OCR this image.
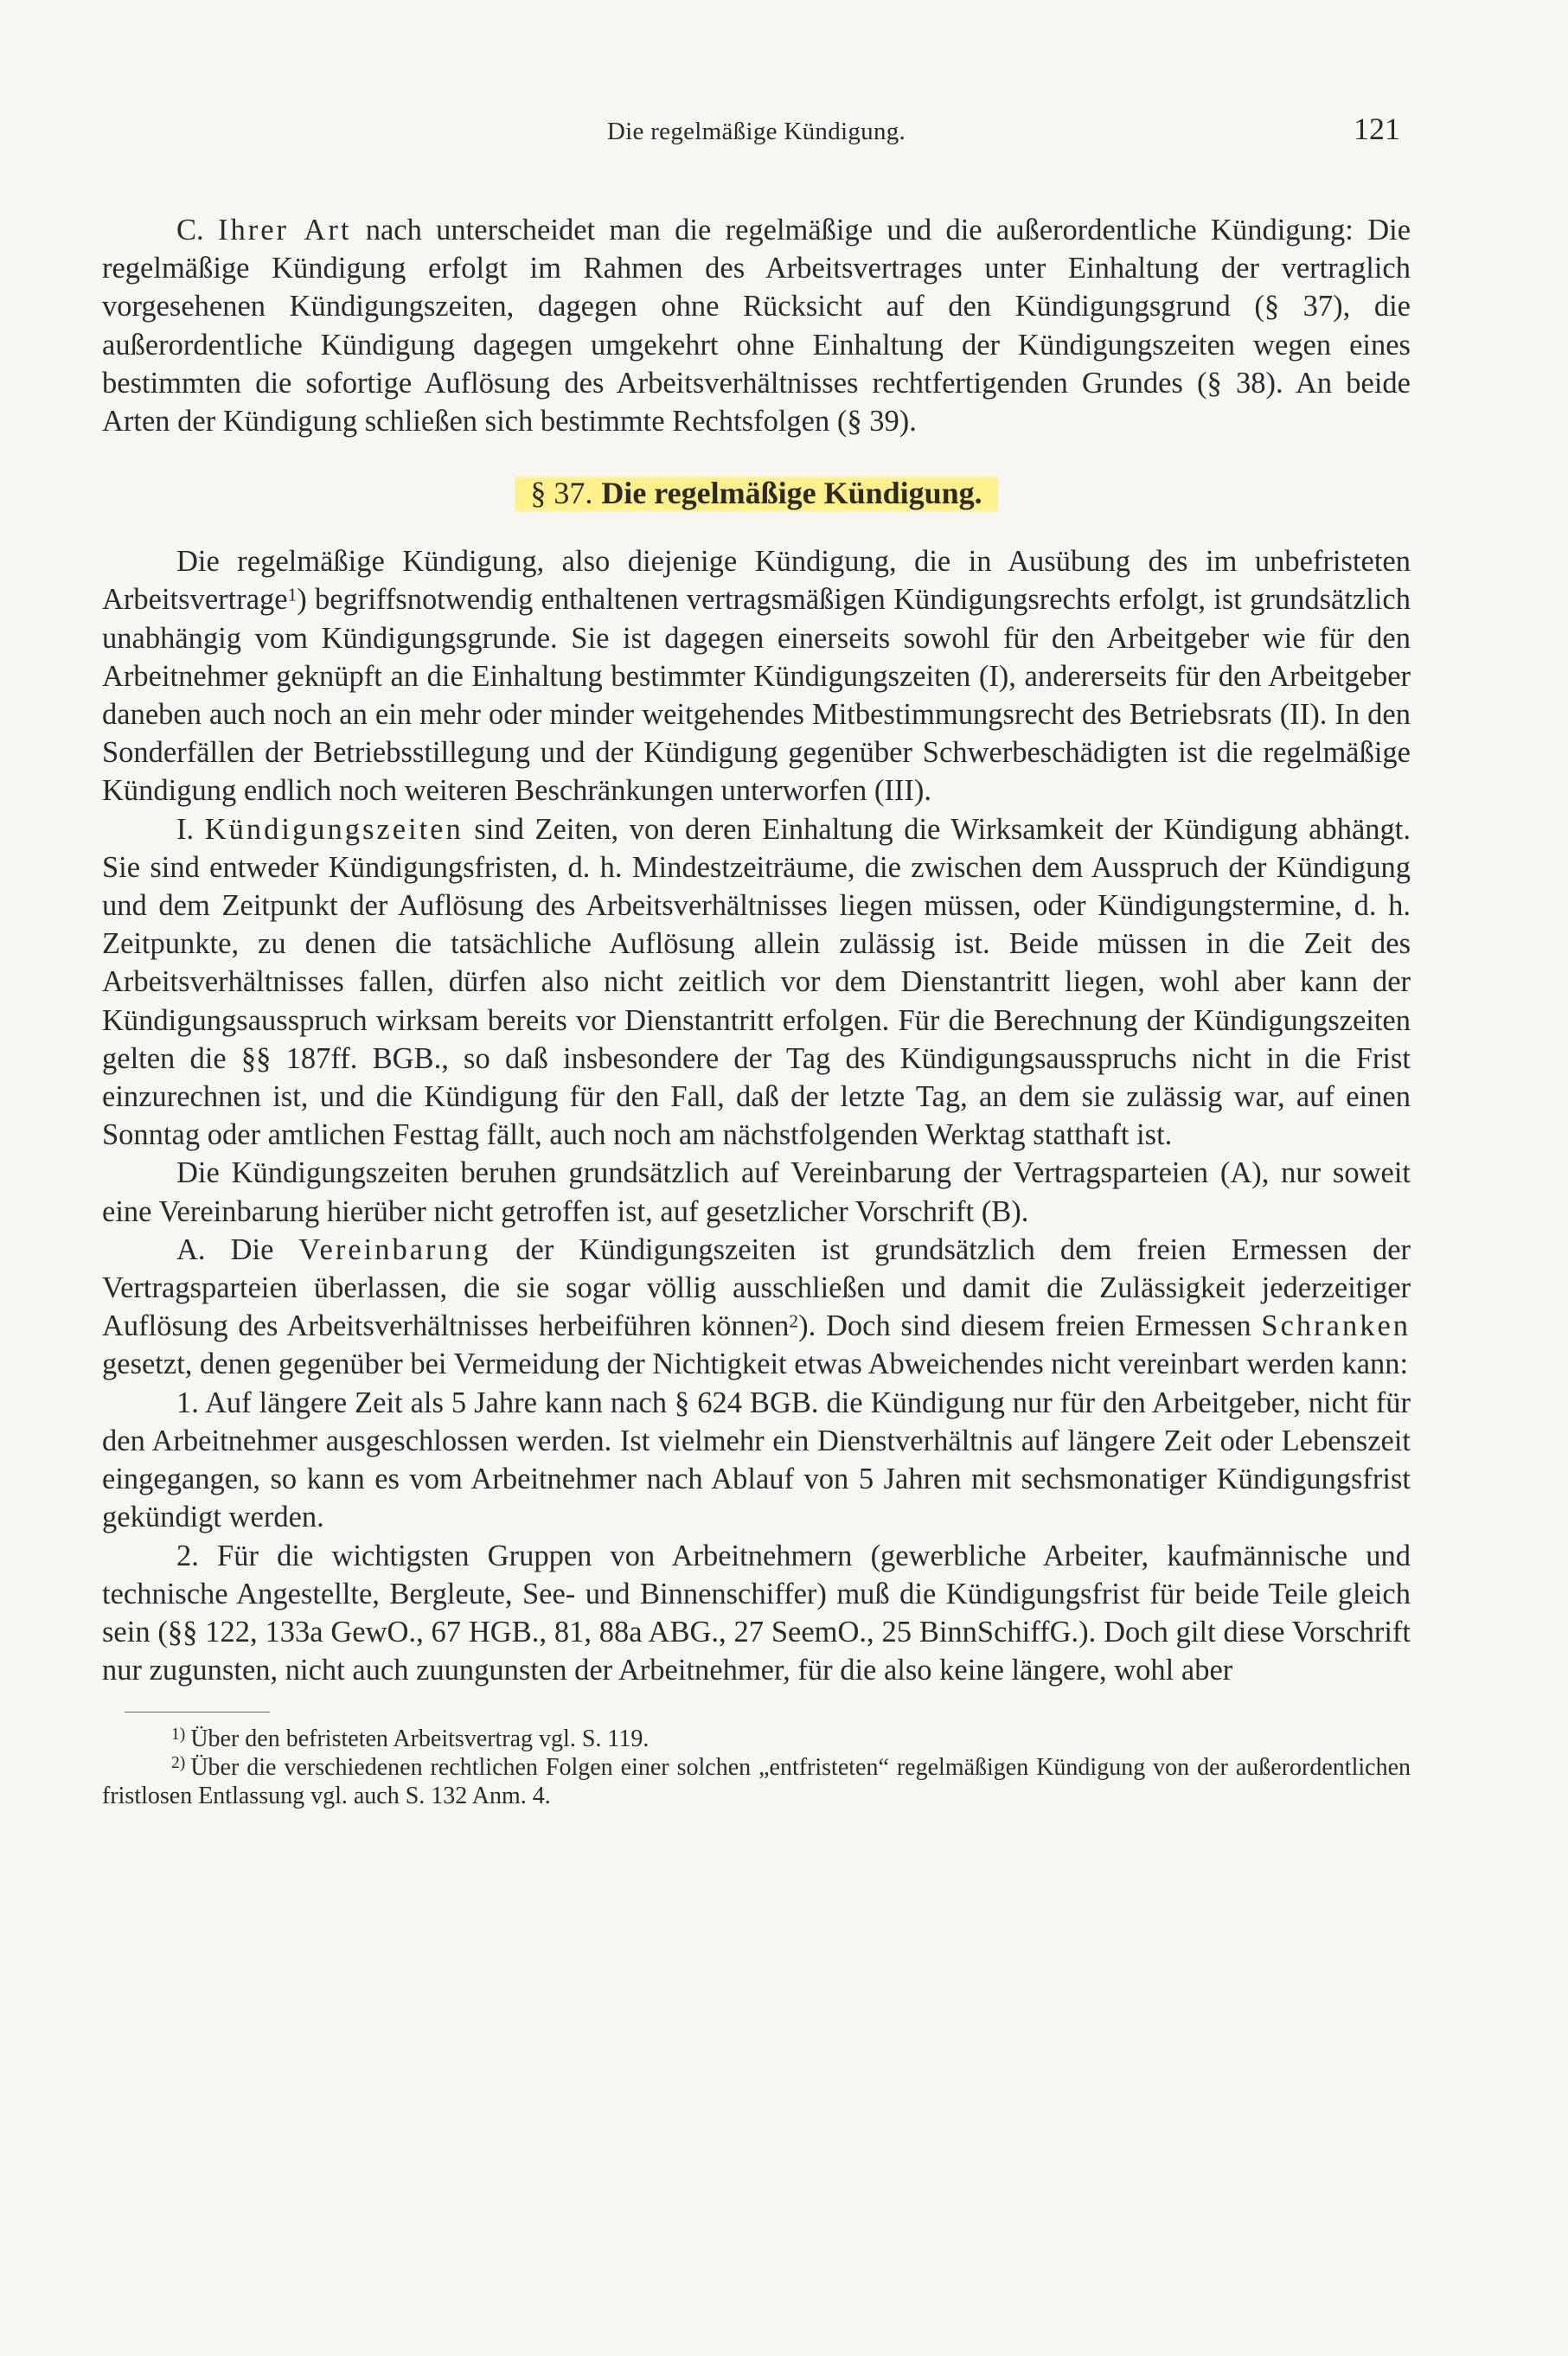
Die regelmäßige Kündigung.	121

C. Ihrer Art nach unterscheidet man die regelmäßige und die außerordentliche Kündigung: Die regelmäßige Kündigung erfolgt im Rahmen des Arbeitsvertrages unter Einhaltung der vertraglich vorgesehenen Kündigungszeiten, dagegen ohne Rücksicht auf den Kündigungsgrund (§ 37), die außerordentliche Kündigung dagegen umgekehrt ohne Einhaltung der Kündigungszeiten wegen eines bestimmten die sofortige Auflösung des Arbeitsverhältnisses rechtfertigenden Grundes (§ 38). An beide Arten der Kündigung schließen sich bestimmte Rechtsfolgen (§ 39).

§ 37. Die regelmäßige Kündigung.

Die regelmäßige Kündigung, also diejenige Kündigung, die in Ausübung des im unbefristeten Arbeitsvertrage$^1$) begriffsnotwendig enthaltenen vertragsmäßigen Kündigungsrechts erfolgt, ist grundsätzlich unabhängig vom Kündigungsgrunde. Sie ist dagegen einerseits sowohl für den Arbeitgeber wie für den Arbeitnehmer geknüpft an die Einhaltung bestimmter Kündigungszeiten (I), andererseits für den Arbeitgeber daneben auch noch an ein mehr oder minder weitgehendes Mitbestimmungsrecht des Betriebsrats (II). In den Sonderfällen der Betriebsstillegung und der Kündigung gegenüber Schwerbeschädigten ist die regelmäßige Kündigung endlich noch weiteren Beschränkungen unterworfen (III).

I. Kündigungszeiten sind Zeiten, von deren Einhaltung die Wirksamkeit der Kündigung abhängt. Sie sind entweder Kündigungsfristen, d. h. Mindestzeiträume, die zwischen dem Ausspruch der Kündigung und dem Zeitpunkt der Auflösung des Arbeitsverhältnisses liegen müssen, oder Kündigungstermine, d. h. Zeitpunkte, zu denen die tatsächliche Auflösung allein zulässig ist. Beide müssen in die Zeit des Arbeitsverhältnisses fallen, dürfen also nicht zeitlich vor dem Dienstantritt liegen, wohl aber kann der Kündigungsausspruch wirksam bereits vor Dienstantritt erfolgen. Für die Berechnung der Kündigungszeiten gelten die §§ 187ff. BGB., so daß insbesondere der Tag des Kündigungsausspruchs nicht in die Frist einzurechnen ist, und die Kündigung für den Fall, daß der letzte Tag, an dem sie zulässig war, auf einen Sonntag oder amtlichen Festtag fällt, auch noch am nächstfolgenden Werktag statthaft ist.

Die Kündigungszeiten beruhen grundsätzlich auf Vereinbarung der Vertragsparteien (A), nur soweit eine Vereinbarung hierüber nicht getroffen ist, auf gesetzlicher Vorschrift (B).

A. Die Vereinbarung der Kündigungszeiten ist grundsätzlich dem freien Ermessen der Vertragsparteien überlassen, die sie sogar völlig ausschließen und damit die Zulässigkeit jederzeitiger Auflösung des Arbeitsverhältnisses herbeiführen können$^2$). Doch sind diesem freien Ermessen Schranken gesetzt, denen gegenüber bei Vermeidung der Nichtigkeit etwas Abweichendes nicht vereinbart werden kann:

1. Auf längere Zeit als 5 Jahre kann nach § 624 BGB. die Kündigung nur für den Arbeitgeber, nicht für den Arbeitnehmer ausgeschlossen werden. Ist vielmehr ein Dienstverhältnis auf längere Zeit oder Lebenszeit eingegangen, so kann es vom Arbeitnehmer nach Ablauf von 5 Jahren mit sechsmonatiger Kündigungsfrist gekündigt werden.

2. Für die wichtigsten Gruppen von Arbeitnehmern (gewerbliche Arbeiter, kaufmännische und technische Angestellte, Bergleute, See- und Binnenschiffer) muß die Kündigungsfrist für beide Teile gleich sein (§§ 122, 133a GewO., 67 HGB., 81, 88a ABG., 27 SeemO., 25 BinnSchiffG.). Doch gilt diese Vorschrift nur zugunsten, nicht auch zuungunsten der Arbeitnehmer, für die also keine längere, wohl aber

$^{1)}$ Über den befristeten Arbeitsvertrag vgl. S. 119.

$^{2)}$ Über die verschiedenen rechtlichen Folgen einer solchen „entfristeten“ regelmäßigen Kündigung von der außerordentlichen fristlosen Entlassung vgl. auch S. 132 Anm. 4.
